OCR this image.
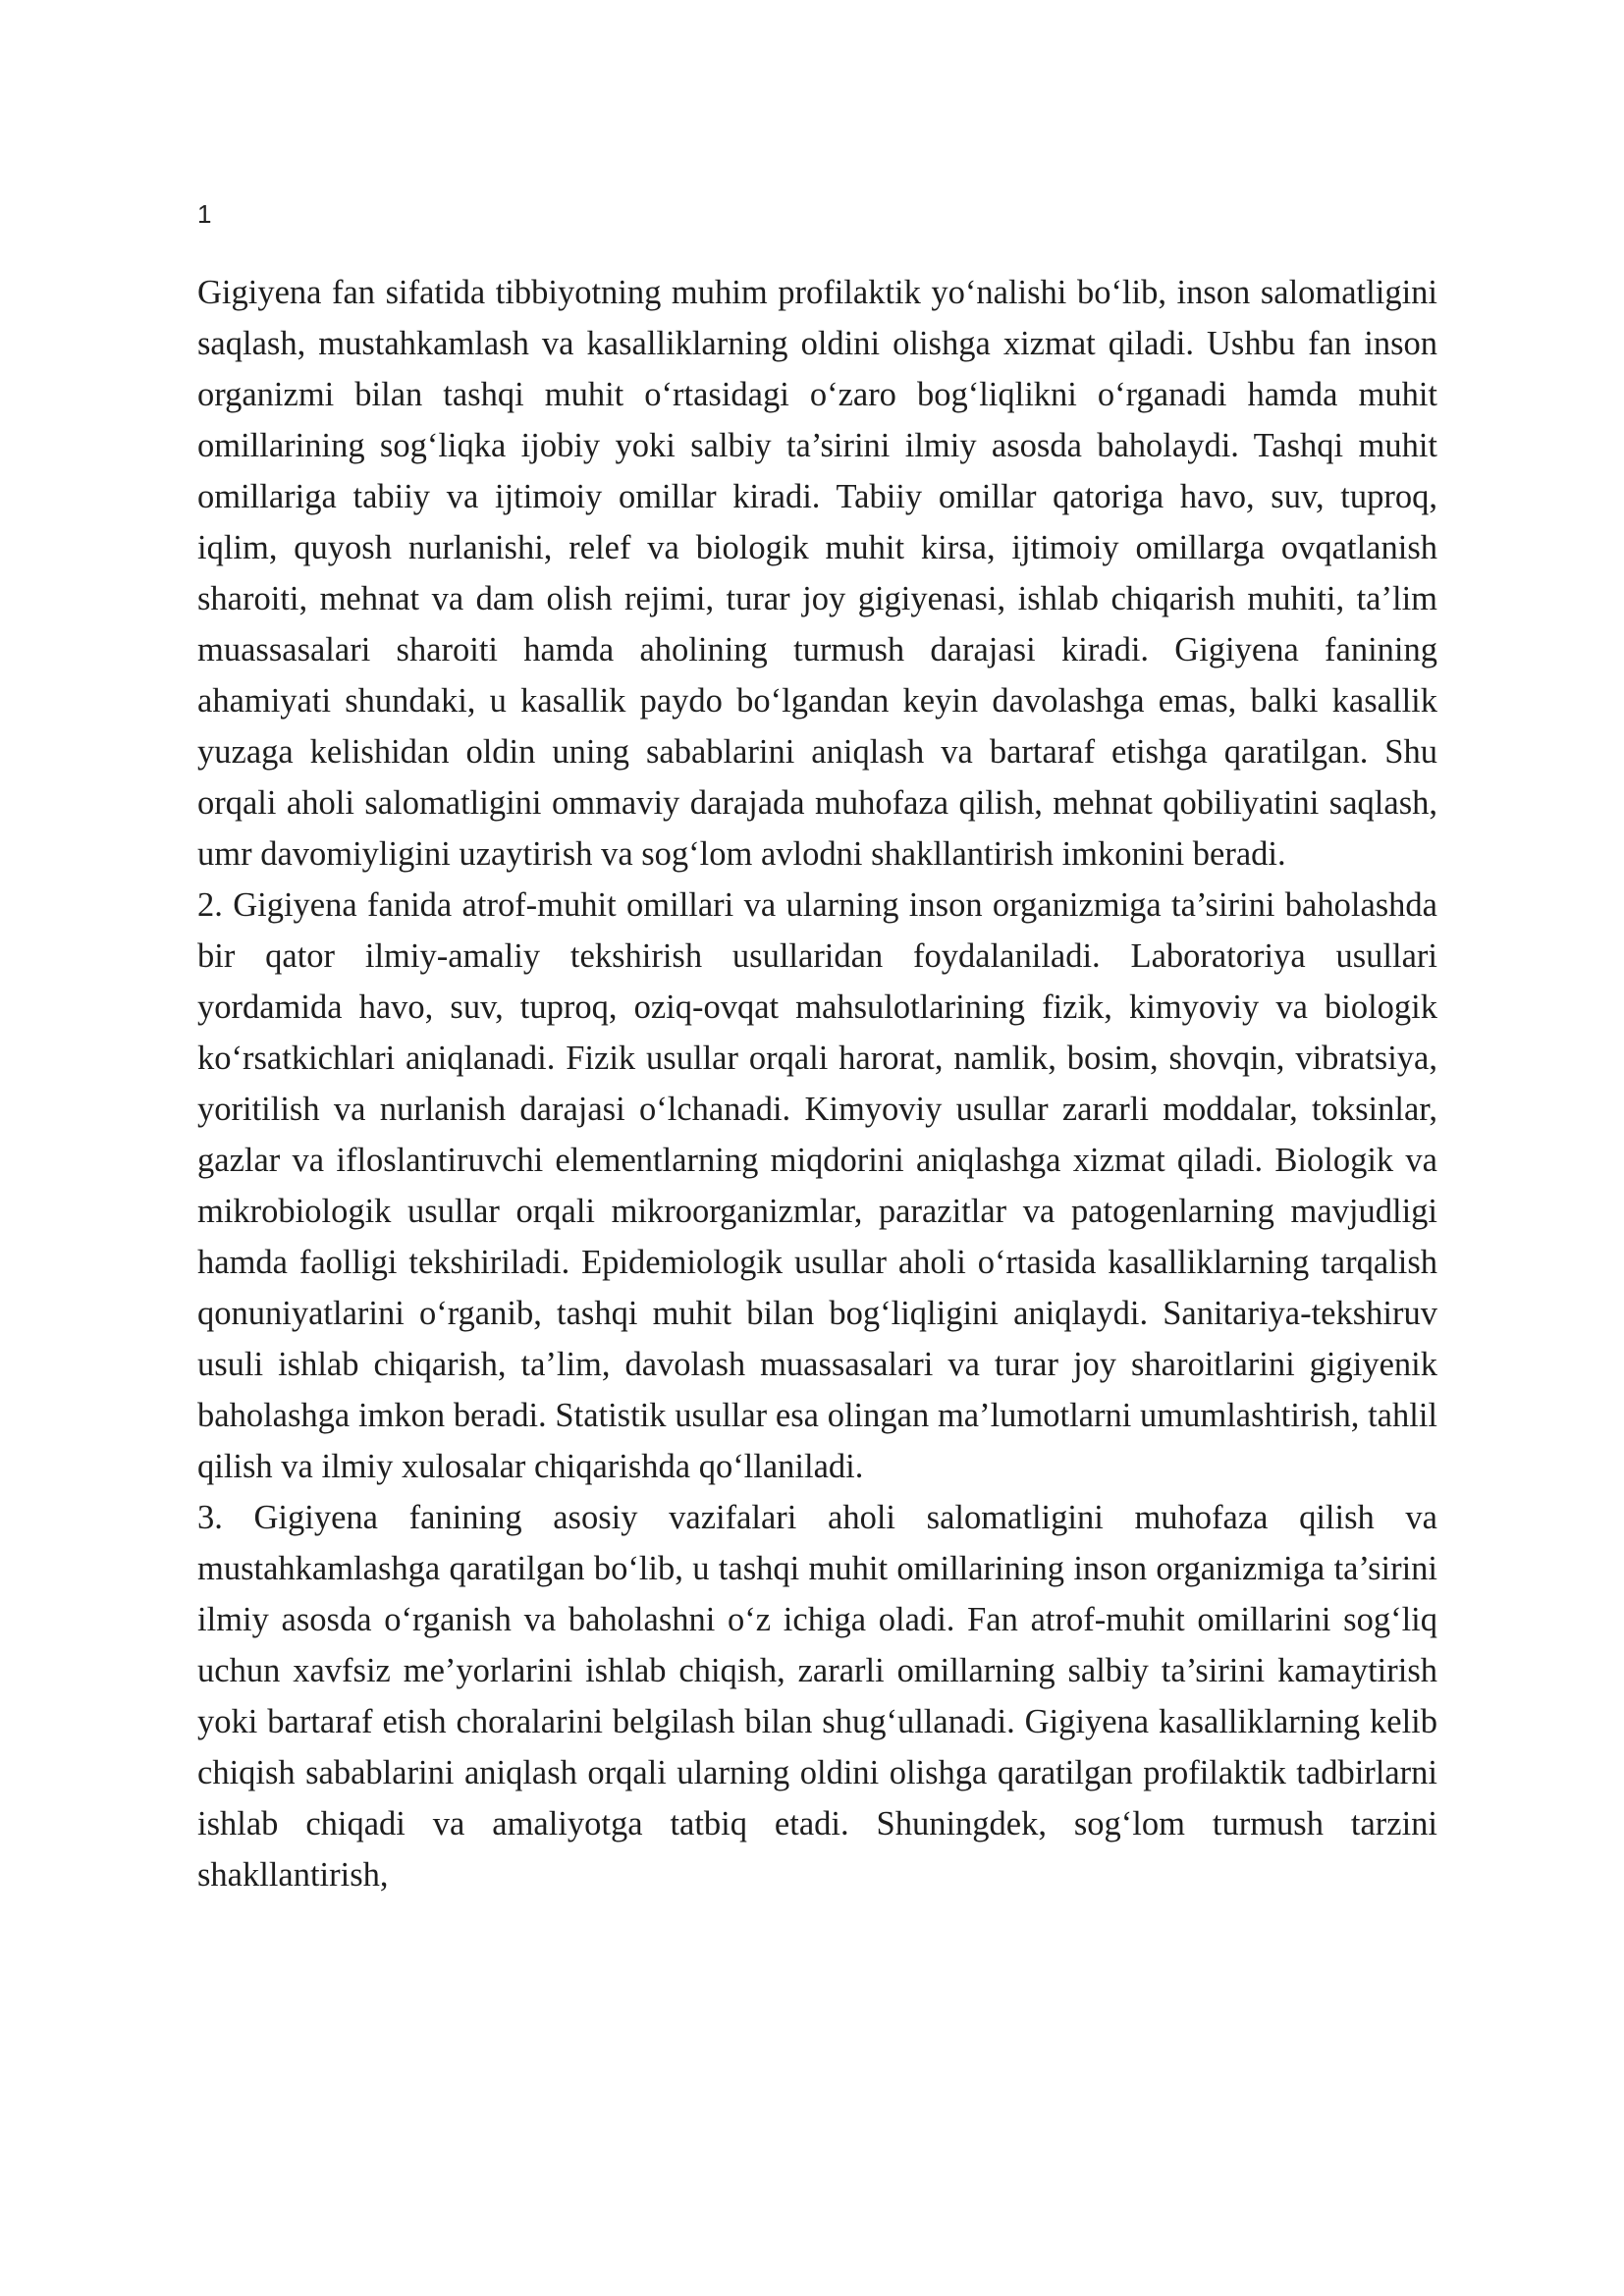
1

Gigiyena fan sifatida tibbiyotning muhim profilaktik yo‘nalishi bo‘lib, inson salomatligini saqlash, mustahkamlash va kasalliklarning oldini olishga xizmat qiladi. Ushbu fan inson organizmi bilan tashqi muhit o‘rtasidagi o‘zaro bog‘liqlikni o‘rganadi hamda muhit omillarining sog‘liqka ijobiy yoki salbiy ta’sirini ilmiy asosda baholaydi. Tashqi muhit omillariga tabiiy va ijtimoiy omillar kiradi. Tabiiy omillar qatoriga havo, suv, tuproq, iqlim, quyosh nurlanishi, relef va biologik muhit kirsa, ijtimoiy omillarga ovqatlanish sharoiti, mehnat va dam olish rejimi, turar joy gigiyenasi, ishlab chiqarish muhiti, ta’lim muassasalari sharoiti hamda aholining turmush darajasi kiradi. Gigiyena fanining ahamiyati shundaki, u kasallik paydo bo‘lgandan keyin davolashga emas, balki kasallik yuzaga kelishidan oldin uning sabablarini aniqlash va bartaraf etishga qaratilgan. Shu orqali aholi salomatligini ommaviy darajada muhofaza qilish, mehnat qobiliyatini saqlash, umr davomiyligini uzaytirish va sog‘lom avlodni shakllantirish imkonini beradi.

2. Gigiyena fanida atrof-muhit omillari va ularning inson organizmiga ta’sirini baholashda bir qator ilmiy-amaliy tekshirish usullaridan foydalaniladi. Laboratoriya usullari yordamida havo, suv, tuproq, oziq-ovqat mahsulotlarining fizik, kimyoviy va biologik ko‘rsatkichlari aniqlanadi. Fizik usullar orqali harorat, namlik, bosim, shovqin, vibratsiya, yoritilish va nurlanish darajasi o‘lchanadi. Kimyoviy usullar zararli moddalar, toksinlar, gazlar va ifloslantiruvchi elementlarning miqdorini aniqlashga xizmat qiladi. Biologik va mikrobiologik usullar orqali mikroorganizmlar, parazitlar va patogenlarning mavjudligi hamda faolligi tekshiriladi. Epidemiologik usullar aholi o‘rtasida kasalliklarning tarqalish qonuniyatlarini o‘rganib, tashqi muhit bilan bog‘liqligini aniqlaydi. Sanitariya-tekshiruv usuli ishlab chiqarish, ta’lim, davolash muassasalari va turar joy sharoitlarini gigiyenik baholashga imkon beradi. Statistik usullar esa olingan ma’lumotlarni umumlashtirish, tahlil qilish va ilmiy xulosalar chiqarishda qo‘llaniladi.

3. Gigiyena fanining asosiy vazifalari aholi salomatligini muhofaza qilish va mustahkamlashga qaratilgan bo‘lib, u tashqi muhit omillarining inson organizmiga ta’sirini ilmiy asosda o‘rganish va baholashni o‘z ichiga oladi. Fan atrof-muhit omillarini sog‘liq uchun xavfsiz me’yorlarini ishlab chiqish, zararli omillarning salbiy ta’sirini kamaytirish yoki bartaraf etish choralarini belgilash bilan shug‘ullanadi. Gigiyena kasalliklarning kelib chiqish sabablarini aniqlash orqali ularning oldini olishga qaratilgan profilaktik tadbirlarni ishlab chiqadi va amaliyotga tatbiq etadi. Shuningdek, sog‘lom turmush tarzini shakllantirish,
